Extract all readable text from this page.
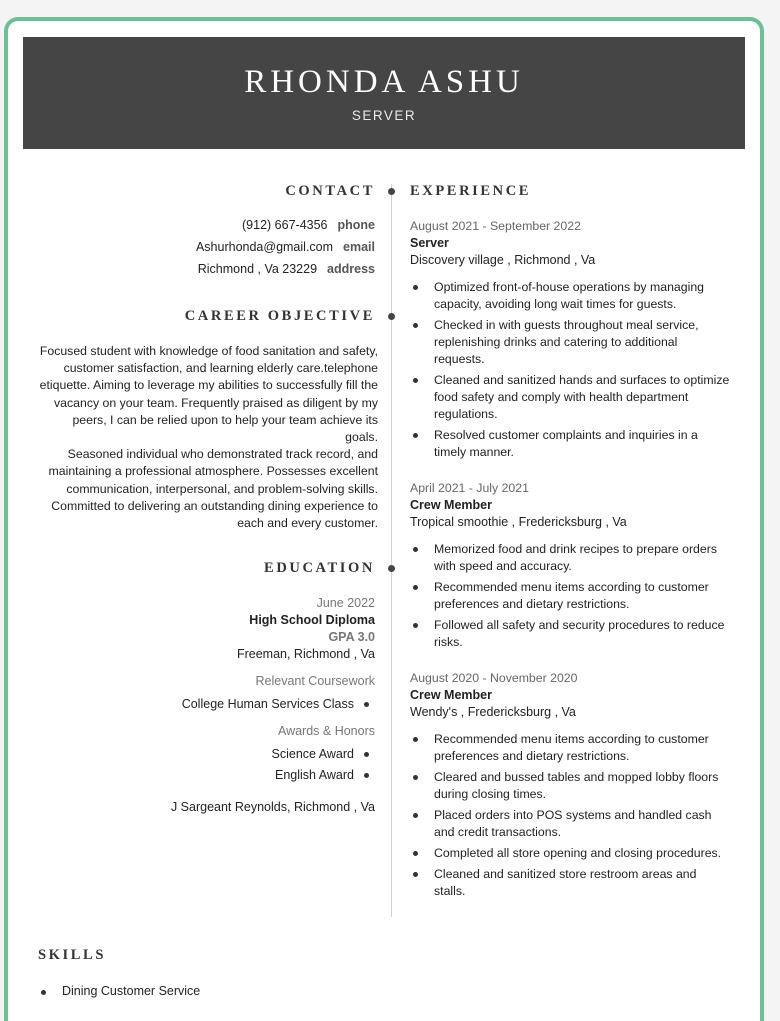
RHONDA ASHU
SERVER
CONTACT
(912) 667-4356 phone
Ashurhonda@gmail.com email
Richmond , Va 23229 address
CAREER OBJECTIVE
Focused student with knowledge of food sanitation and safety, customer satisfaction, and learning elderly care.telephone etiquette. Aiming to leverage my abilities to successfully fill the vacancy on your team. Frequently praised as diligent by my peers, I can be relied upon to help your team achieve its goals.
Seasoned individual who demonstrated track record, and maintaining a professional atmosphere. Possesses excellent communication, interpersonal, and problem-solving skills. Committed to delivering an outstanding dining experience to each and every customer.
EDUCATION
June 2022
High School Diploma
GPA 3.0
Freeman, Richmond , Va
Relevant Coursework
College Human Services Class
Awards & Honors
Science Award
English Award
J Sargeant Reynolds, Richmond , Va
EXPERIENCE
August 2021 - September 2022
Server
Discovery village , Richmond , Va
Optimized front-of-house operations by managing capacity, avoiding long wait times for guests.
Checked in with guests throughout meal service, replenishing drinks and catering to additional requests.
Cleaned and sanitized hands and surfaces to optimize food safety and comply with health department regulations.
Resolved customer complaints and inquiries in a timely manner.
April 2021 - July 2021
Crew Member
Tropical smoothie , Fredericksburg , Va
Memorized food and drink recipes to prepare orders with speed and accuracy.
Recommended menu items according to customer preferences and dietary restrictions.
Followed all safety and security procedures to reduce risks.
August 2020 - November 2020
Crew Member
Wendy's , Fredericksburg , Va
Recommended menu items according to customer preferences and dietary restrictions.
Cleared and bussed tables and mopped lobby floors during closing times.
Placed orders into POS systems and handled cash and credit transactions.
Completed all store opening and closing procedures.
Cleaned and sanitized store restroom areas and stalls.
SKILLS
Dining Customer Service
